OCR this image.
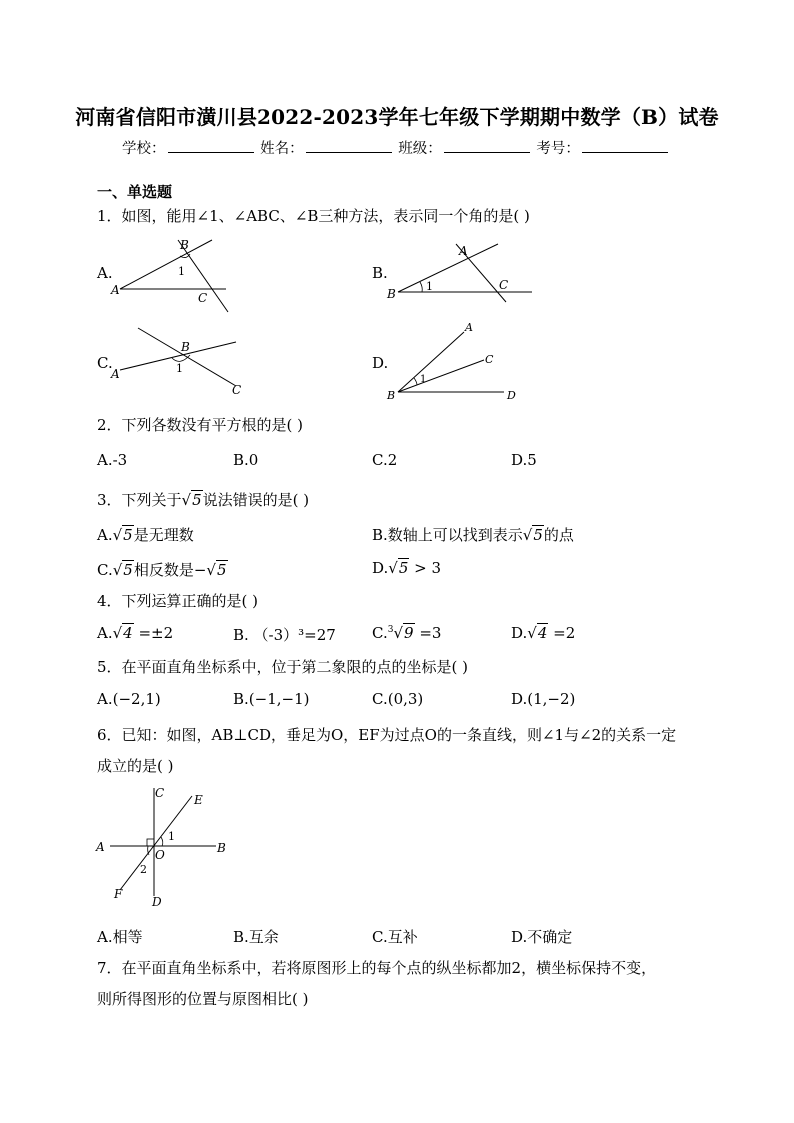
河南省信阳市潢川县2022-2023学年七年级下学期期中数学（B）试卷
学校：	姓名：	班级：	考号：
一、单选题
1．如图，能用∠1、∠ABC、∠B三种方法，表示同一个角的是( )
A.
B
1
A
C
B.
A
1
B
C
C.
B
1
A
C
D.
A
C
1
B	D
2．下列各数没有平方根的是( )
A.-3	B.0	C.2	D.5
3．下列关于√5说法错误的是( )
A.√5是无理数	B.数轴上可以找到表示√5的点
C.√5相反数是−√5	D.√5 > 3
4．下列运算正确的是( )
A.√4 =±2	B. （-3）³=27 C.$^3$√9 =3	D.√4 =2
5．在平面直角坐标系中，位于第二象限的点的坐标是( )
A.(−2,1)	B.(−1,−1)	C.(0,3)	D.(1,−2)
6．已知：如图，AB⊥CD，垂足为O，EF为过点O的一条直线，则∠1与∠2的关系一定
成立的是( )
C E
1
A	B
O
2
F
D
A.相等	B.互余	C.互补	D.不确定
7．在平面直角坐标系中，若将原图形上的每个点的纵坐标都加2，横坐标保持不变，
则所得图形的位置与原图相比( )
